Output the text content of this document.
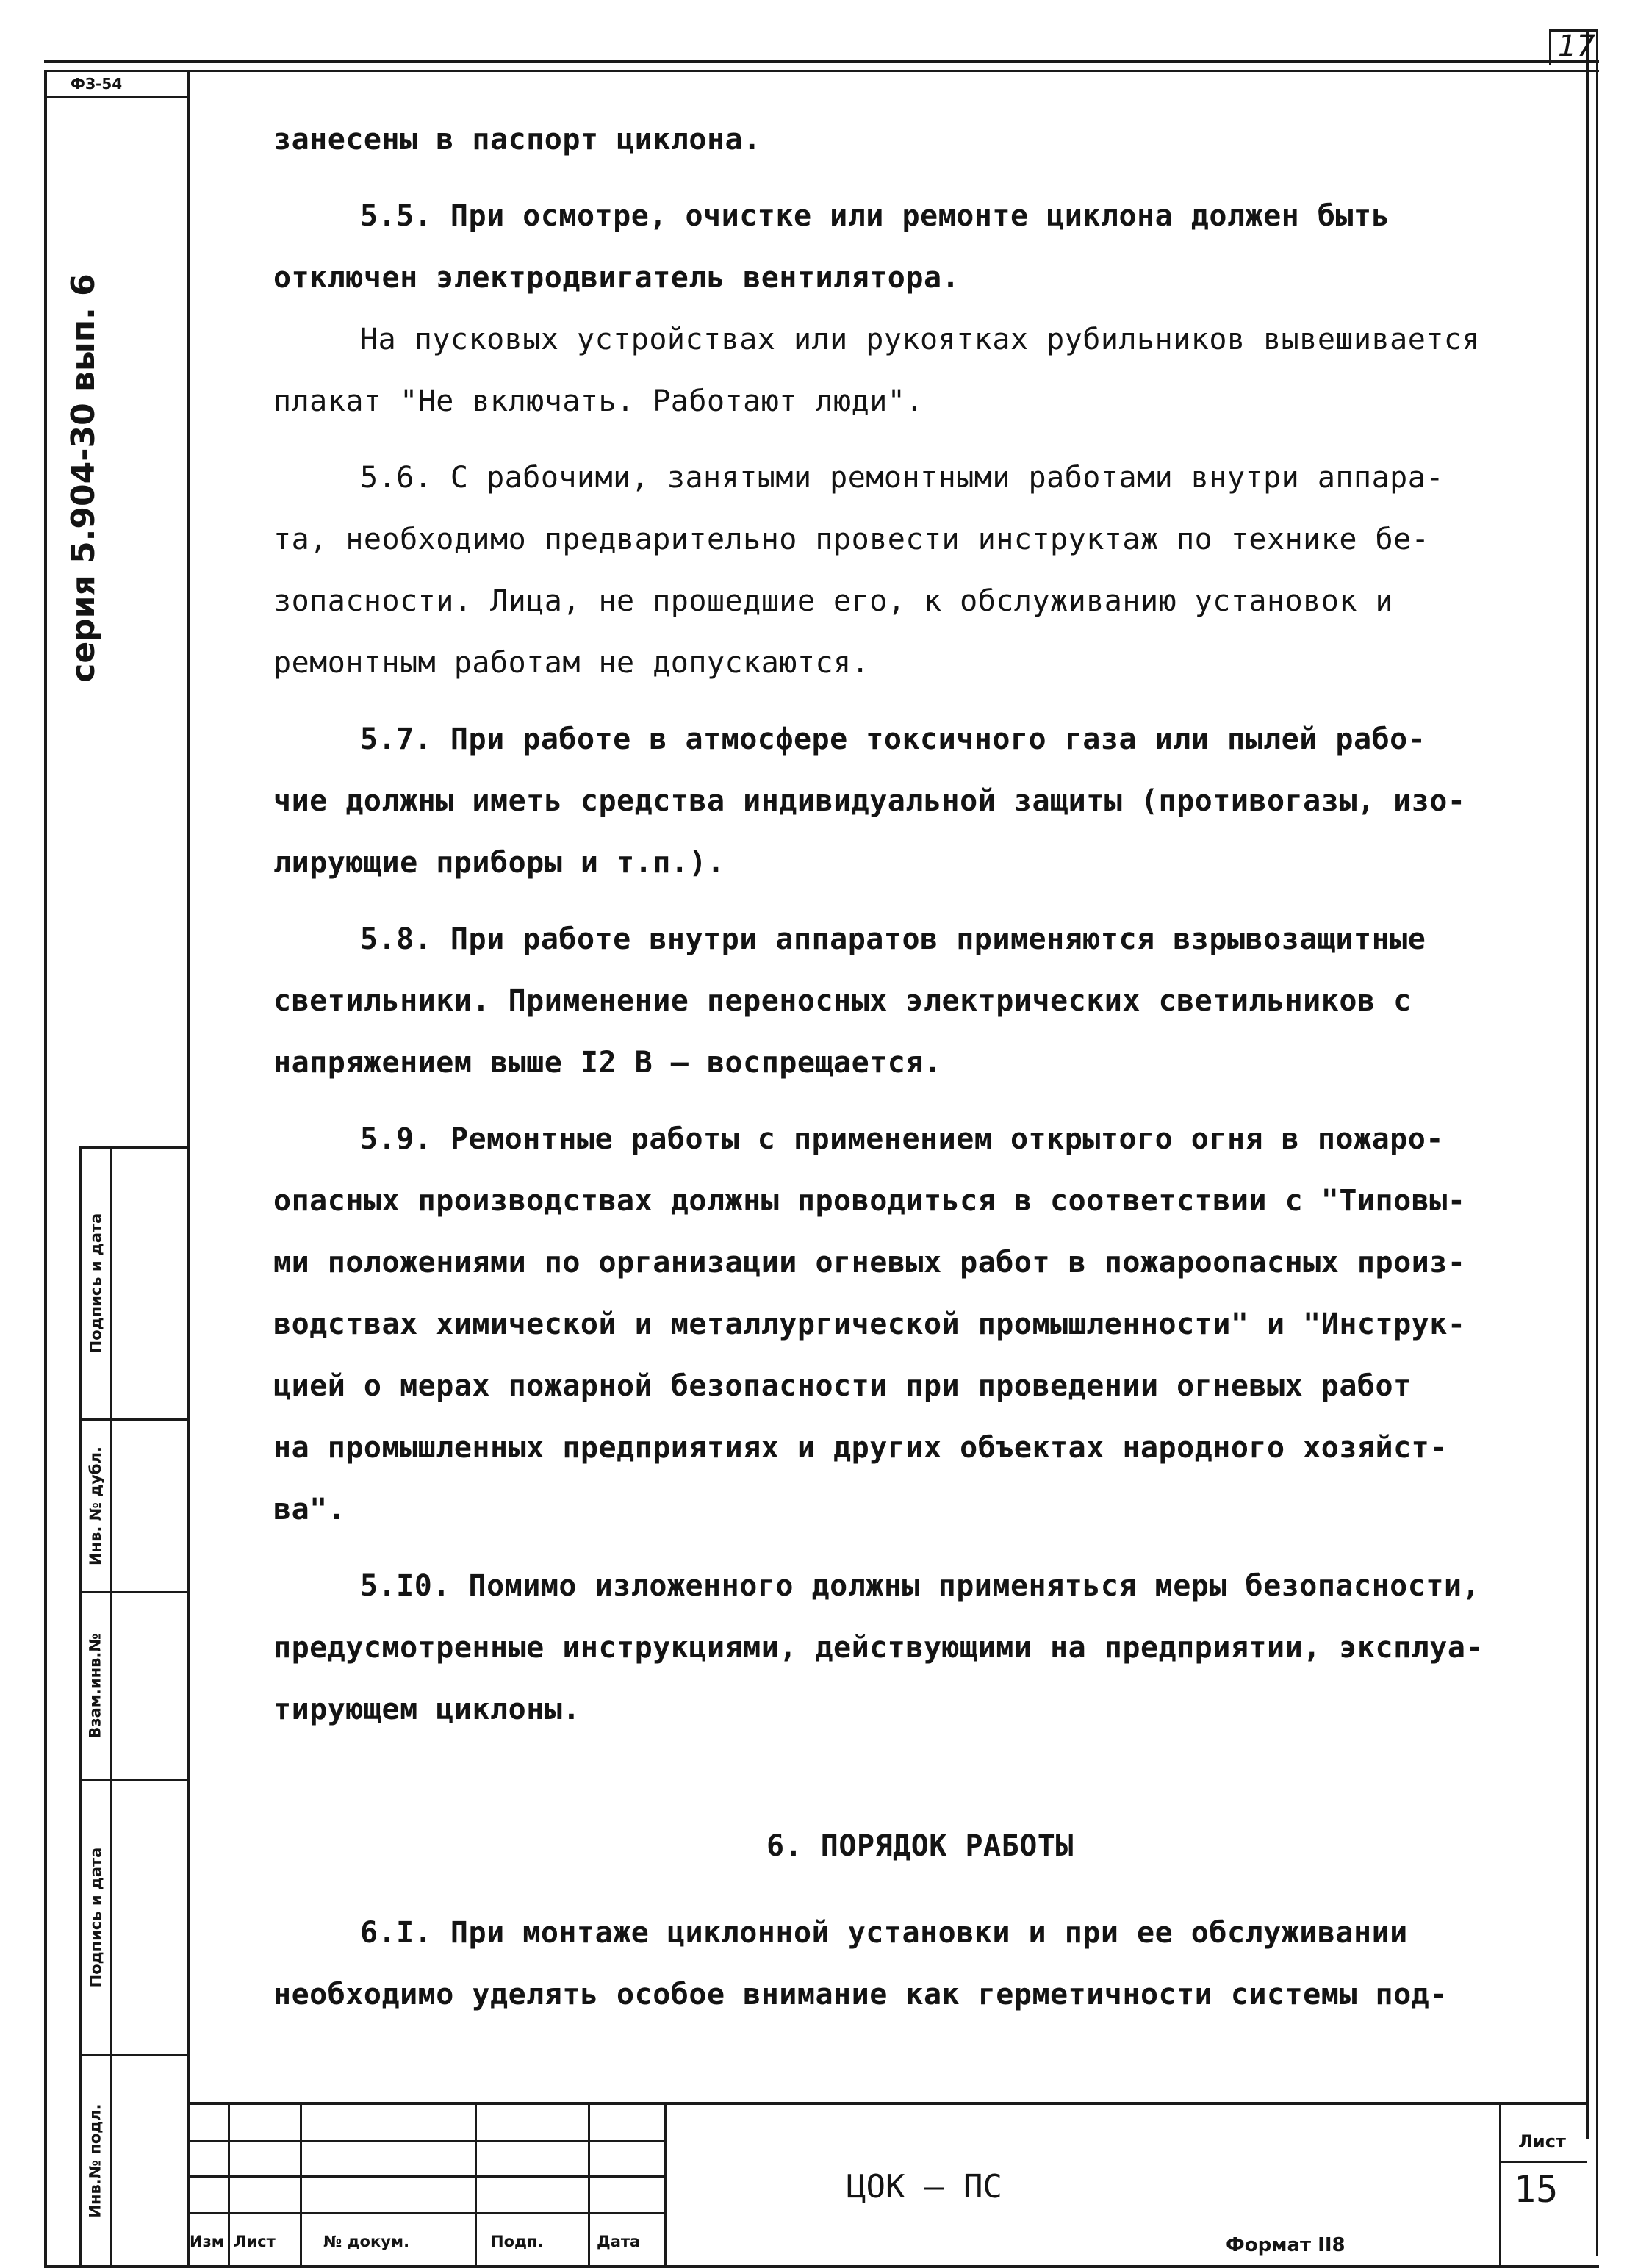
17
ФЗ-54
серия 5.904-30 вып. 6
Подпись и дата
Инв. № дубл.
Взам.инв.№
Подпись и дата
Инв.№ подл.
занесены в паспорт циклона.
5.5. При осмотре, очистке или ремонте циклона должен быть
отключен электродвигатель вентилятора.
На пусковых устройствах или рукоятках рубильников вывешивается
плакат "Не включать. Работают люди".
5.6. С рабочими, занятыми ремонтными работами внутри аппара-
та, необходимо предварительно провести инструктаж по технике бе-
зопасности. Лица, не прошедшие его, к обслуживанию установок и
ремонтным работам не допускаются.
5.7. При работе в атмосфере токсичного газа или пылей рабо-
чие должны иметь средства индивидуальной защиты (противогазы, изо-
лирующие приборы и т.п.).
5.8. При работе внутри аппаратов применяются взрывозащитные
светильники. Применение переносных электрических светильников с
напряжением выше I2 В – воспрещается.
5.9. Ремонтные работы с применением открытого огня в пожаро-
опасных производствах должны проводиться в соответствии с "Типовы-
ми положениями по организации огневых работ в пожароопасных произ-
водствах химической и металлургической промышленности" и "Инструк-
цией о мерах пожарной безопасности при проведении огневых работ
на промышленных предприятиях и других объектах народного хозяйст-
ва".
5.I0. Помимо изложенного должны применяться меры безопасности,
предусмотренные инструкциями, действующими на предприятии, эксплуа-
тирующем циклоны.
6. ПОРЯДОК РАБОТЫ
6.I. При монтаже циклонной установки и при ее обслуживании
необходимо уделять особое внимание как герметичности системы под-
Изм Лист	№ докум.	Подп.	Дата
ЦОК – ПС
Лист
15
Формат II8
